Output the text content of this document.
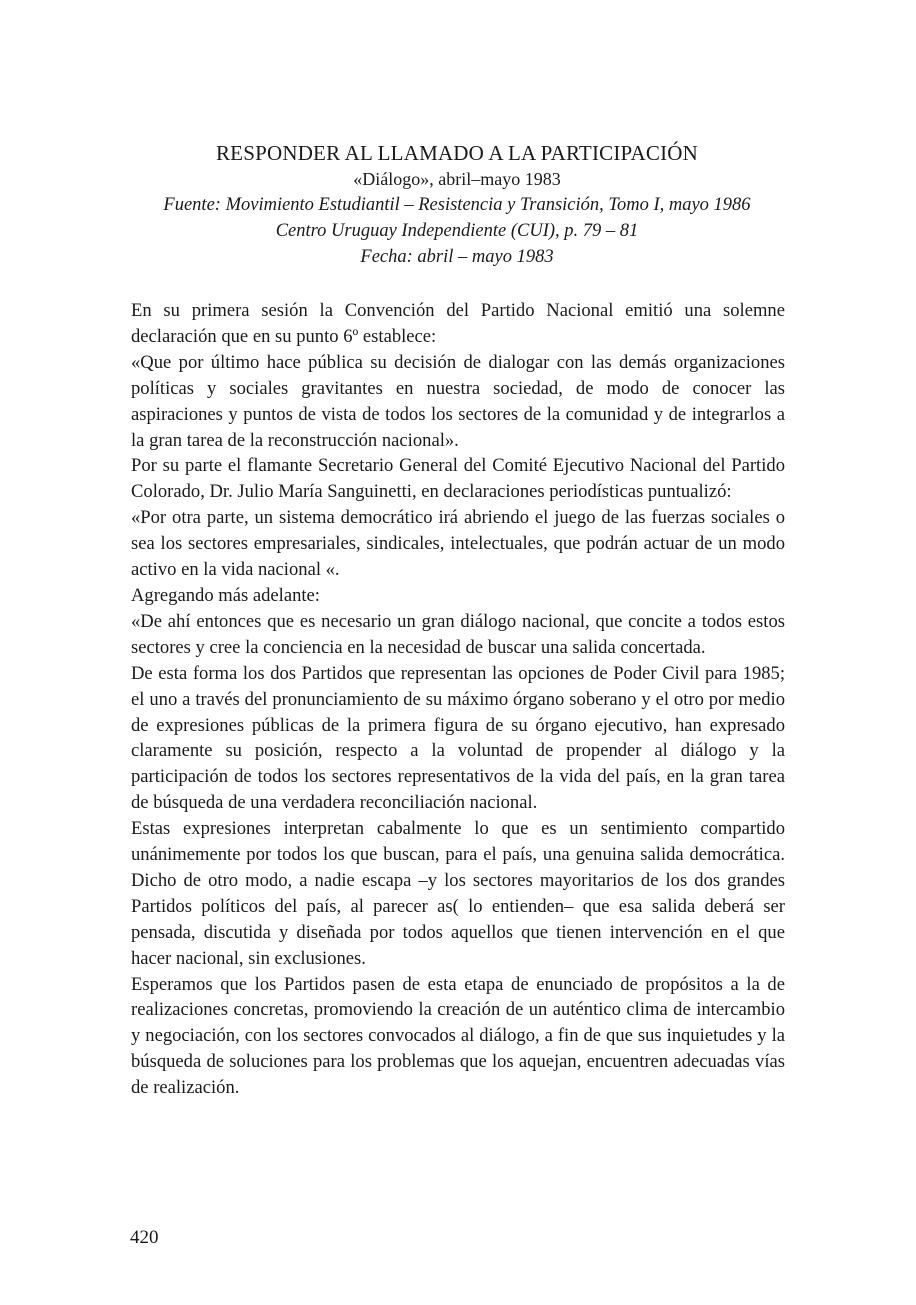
RESPONDER AL LLAMADO A LA PARTICIPACIÓN

«Diálogo», abril–mayo 1983

Fuente: Movimiento Estudiantil – Resistencia y Transición, Tomo I, mayo 1986

Centro Uruguay Independiente (CUI), p. 79 – 81

Fecha: abril – mayo 1983

En su primera sesión la Convención del Partido Nacional emitió una solemne declaración que en su punto 6º establece:

«Que por último hace pública su decisión de dialogar con las demás organizaciones políticas y sociales gravitantes en nuestra sociedad, de modo de conocer las aspiraciones y puntos de vista de todos los sectores de la comunidad y de integrarlos a la gran tarea de la reconstrucción nacional».

Por su parte el flamante Secretario General del Comité Ejecutivo Nacional del Partido Colorado, Dr. Julio María Sanguinetti, en declaraciones periodísticas puntualizó:

«Por otra parte, un sistema democrático irá abriendo el juego de las fuerzas sociales o sea los sectores empresariales, sindicales, intelectuales, que podrán actuar de un modo activo en la vida nacional «.

Agregando más adelante:

«De ahí entonces que es necesario un gran diálogo nacional, que concite a todos estos sectores y cree la conciencia en la necesidad de buscar una salida concertada.

De esta forma los dos Partidos que representan las opciones de Poder Civil para 1985; el uno a través del pronunciamiento de su máximo órgano soberano y el otro por medio de expresiones públicas de la primera figura de su órgano ejecutivo, han expresado claramente su posición, respecto a la voluntad de propender al diálogo y la participación de todos los sectores representativos de la vida del país, en la gran tarea de búsqueda de una verdadera reconciliación nacional.

Estas expresiones interpretan cabalmente lo que es un sentimiento compartido unánimemente por todos los que buscan, para el país, una genuina salida democrática. Dicho de otro modo, a nadie escapa –y los sectores mayoritarios de los dos grandes Partidos políticos del país, al parecer as( lo entienden– que esa salida deberá ser pensada, discutida y diseñada por todos aquellos que tienen intervención en el que hacer nacional, sin exclusiones.

Esperamos que los Partidos pasen de esta etapa de enunciado de propósitos a la de realizaciones concretas, promoviendo la creación de un auténtico clima de intercambio y negociación, con los sectores convocados al diálogo, a fin de que sus inquietudes y la búsqueda de soluciones para los problemas que los aquejan, encuentren adecuadas vías de realización.

420
